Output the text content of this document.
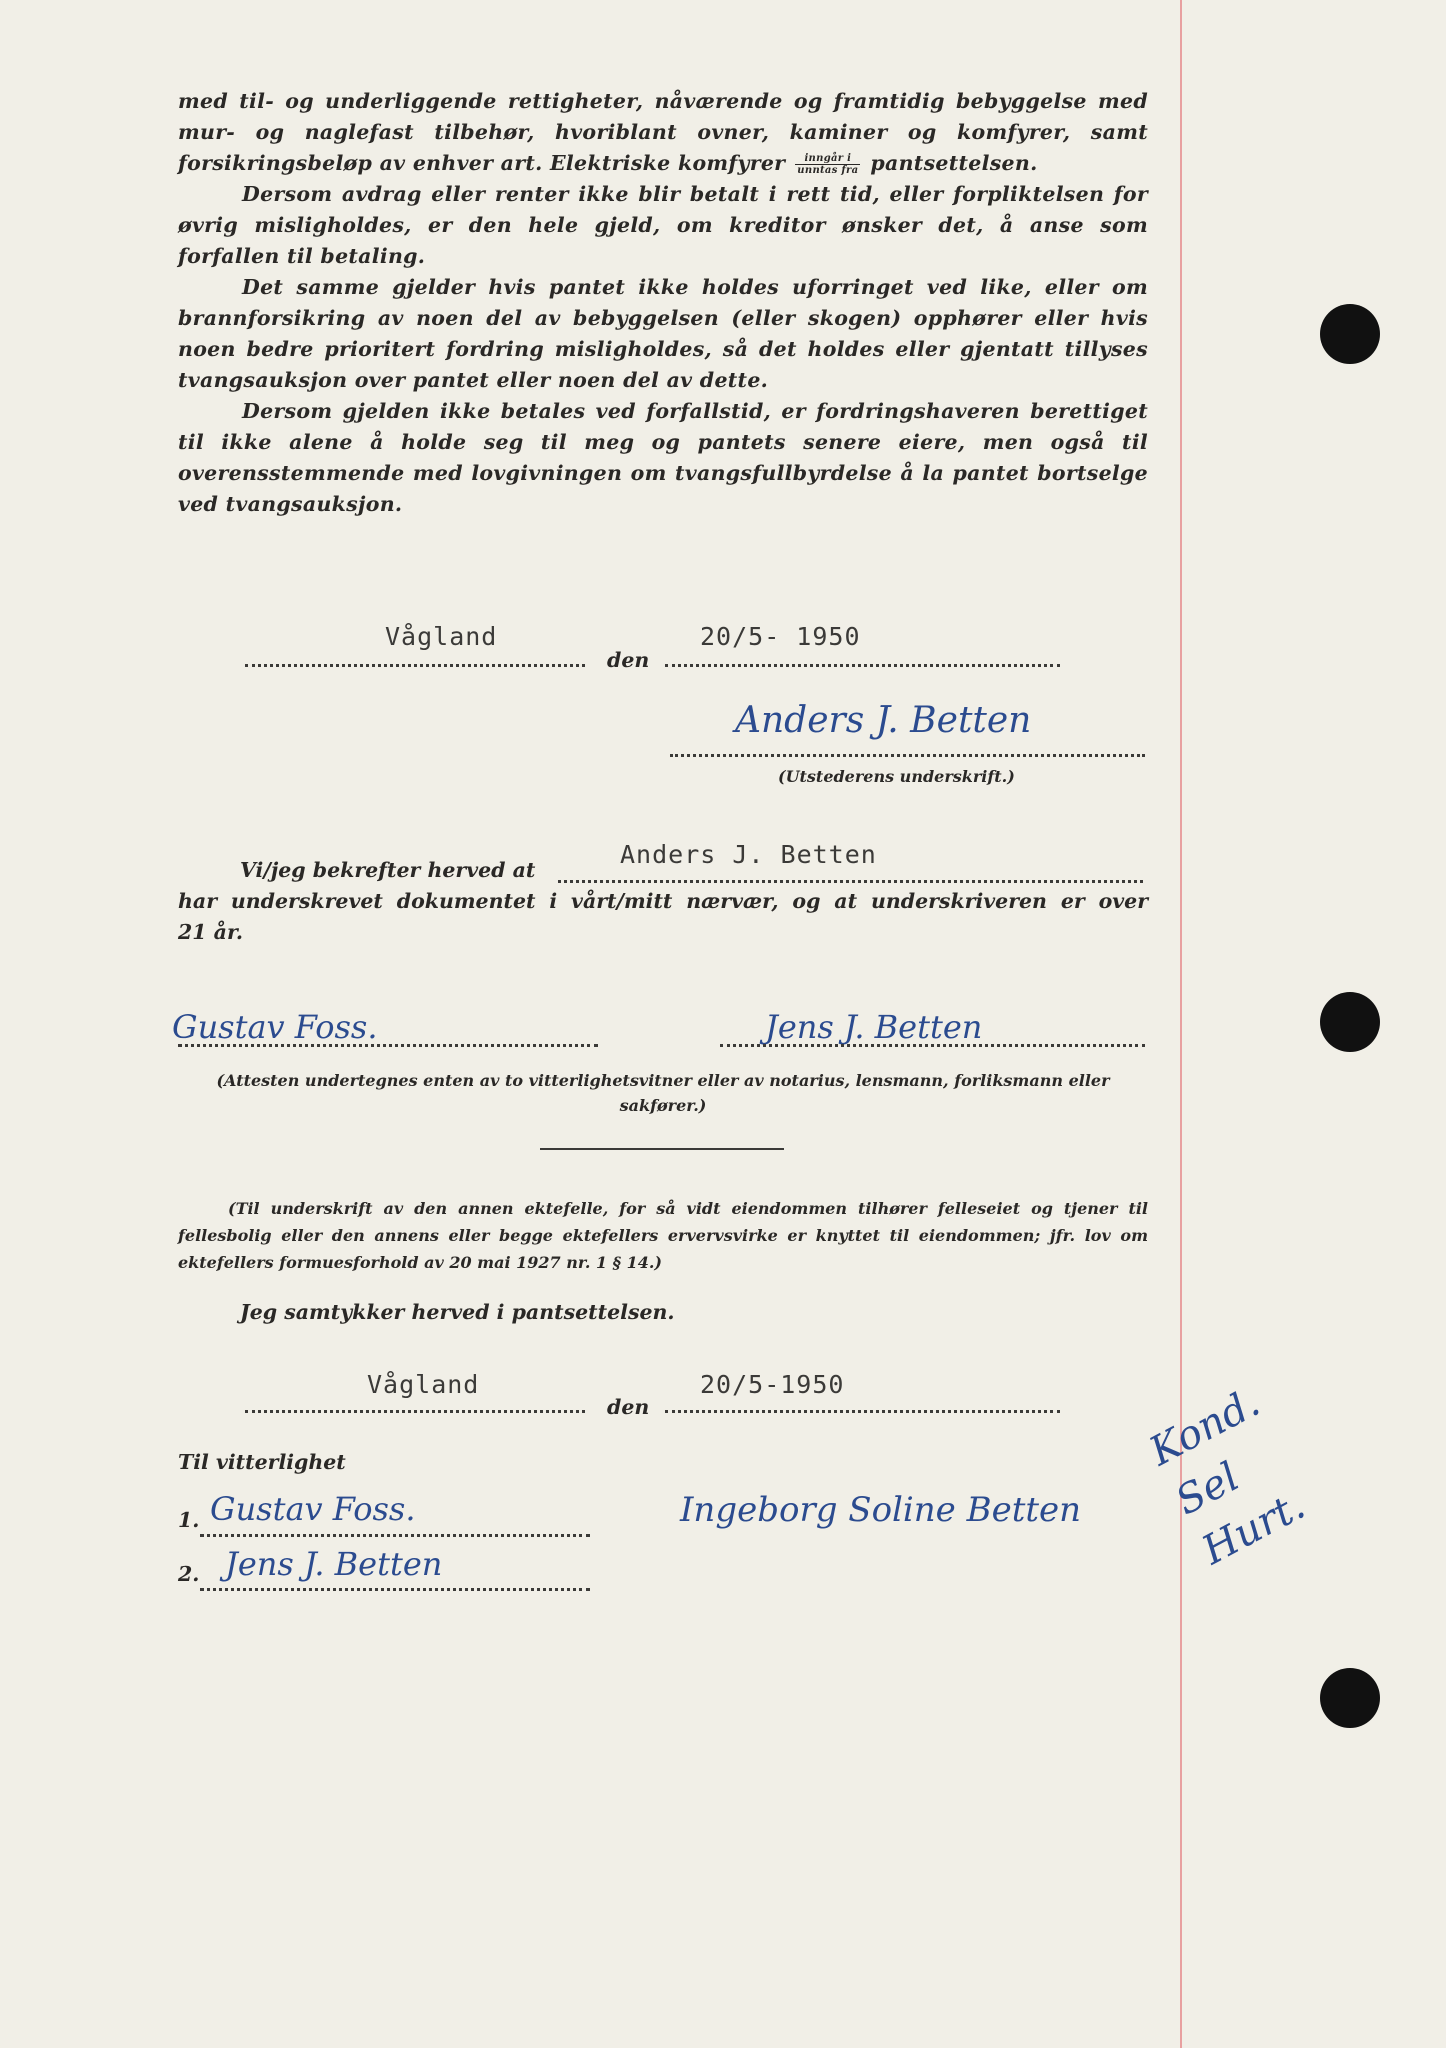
med til- og underliggende rettigheter, nåværende og framtidig bebyggelse med mur- og naglefast tilbehør, hvoriblant ovner, kaminer og komfyrer, samt forsikringsbeløp av enhver art. Elektriske komfyrer $\frac{\text{inngår i}}{\text{unntas fra}}$ pantsettelsen.

Dersom avdrag eller renter ikke blir betalt i rett tid, eller forpliktelsen for øvrig misligholdes, er den hele gjeld, om kreditor ønsker det, å anse som forfallen til betaling.

Det samme gjelder hvis pantet ikke holdes uforringet ved like, eller om brannforsikring av noen del av bebyggelsen (eller skogen) opphører eller hvis noen bedre prioritert fordring misligholdes, så det holdes eller gjentatt tillyses tvangsauksjon over pantet eller noen del av dette.

Dersom gjelden ikke betales ved forfallstid, er fordringshaveren berettiget til ikke alene å holde seg til meg og pantets senere eiere, men også til overensstemmende med lovgivningen om tvangsfullbyrdelse å la pantet bortselge ved tvangsauksjon.

Vågland
den
20/5- 1950
Anders J. Betten
(Utstederens underskrift.)
Vi/jeg bekrefter herved at
Anders J. Betten
har underskrevet dokumentet i vårt/mitt nærvær, og at underskriveren er over
21 år.
Gustav Foss.	Jens J. Betten
(Attesten undertegnes enten av to vitterlighetsvitner eller av notarius, lensmann, forliksmann eller sakfører.)
(Til underskrift av den annen ektefelle, for så vidt eiendommen tilhører felleseiet og tjener til fellesbolig eller den annens eller begge ektefellers ervervsvirke er knyttet til eiendommen; jfr. lov om ektefellers formuesforhold av 20 mai 1927 nr. 1 § 14.)
Jeg samtykker herved i pantsettelsen.
Vågland
den
20/5-1950
Til vitterlighet
1. Gustav Foss.
2. Jens J. Betten
Ingeborg Soline Betten
Kond. Sel Hurt.
